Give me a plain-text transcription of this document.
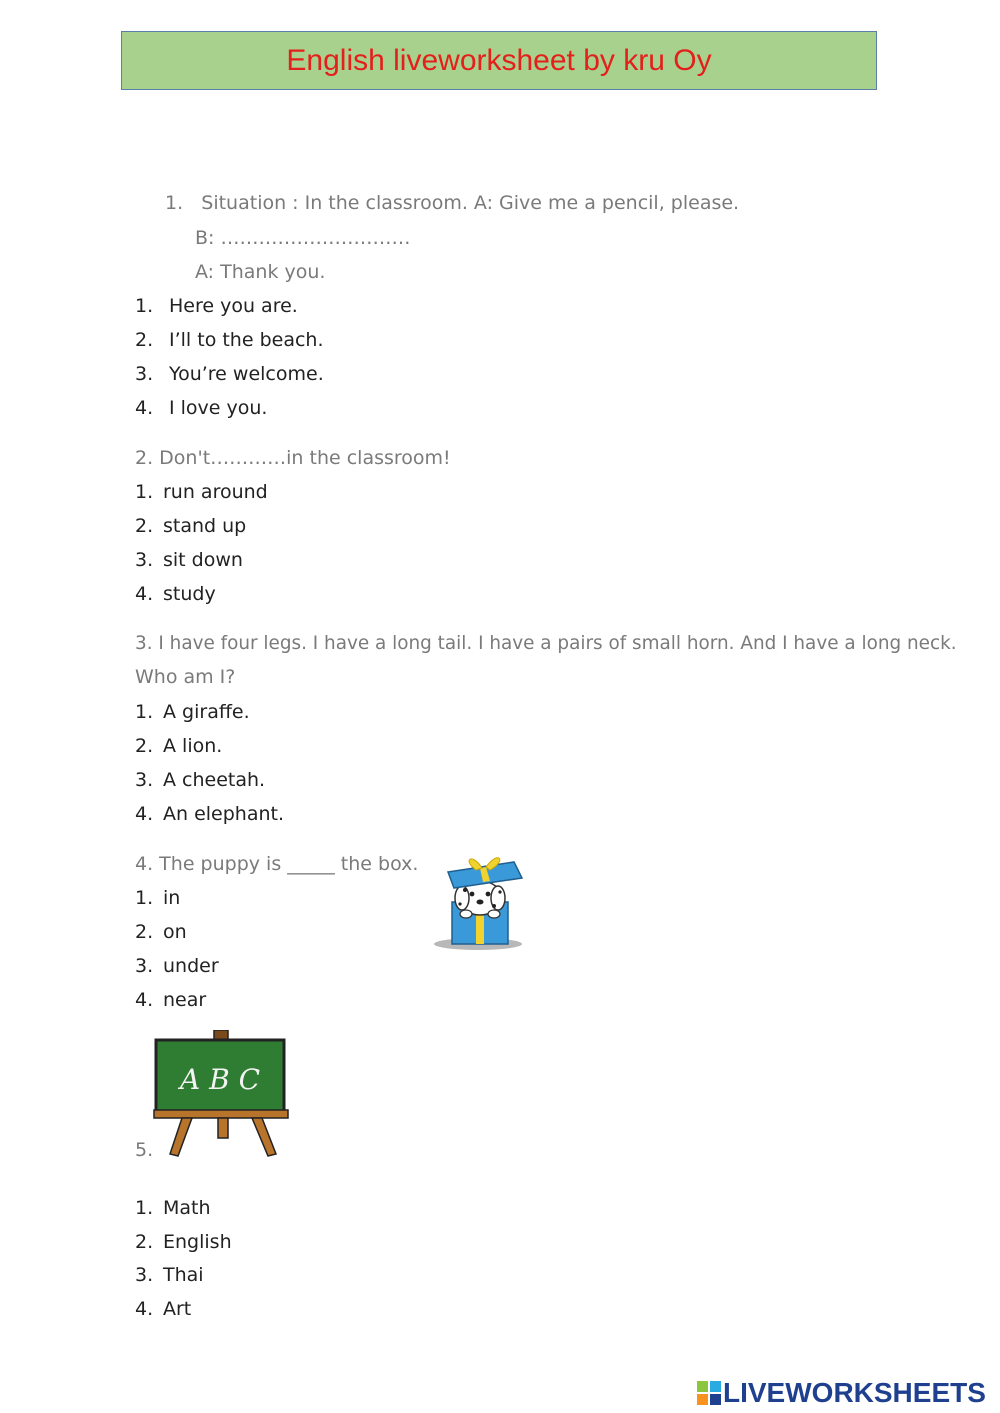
English liveworksheet by kru Oy
1. Situation : In the classroom. A: Give me a pencil, please.
B: …………………………
A: Thank you.
1. Here you are.
2. I’ll to the beach.
3. You’re welcome.
4. I love you.
2. Don't…………in the classroom!
1. run around
2. stand up
3. sit down
4. study
3. I have four legs. I have a long tail. I have a pairs of small horn. And I have a long neck.
Who am I?
1. A giraffe.
2. A lion.
3. A cheetah.
4. An elephant.
4. The puppy is _____ the box.
1. in
2. on
3. under
4. near
A B C
5.
1. Math
2. English
3. Thai
4. Art
LIVEWORKSHEETS
